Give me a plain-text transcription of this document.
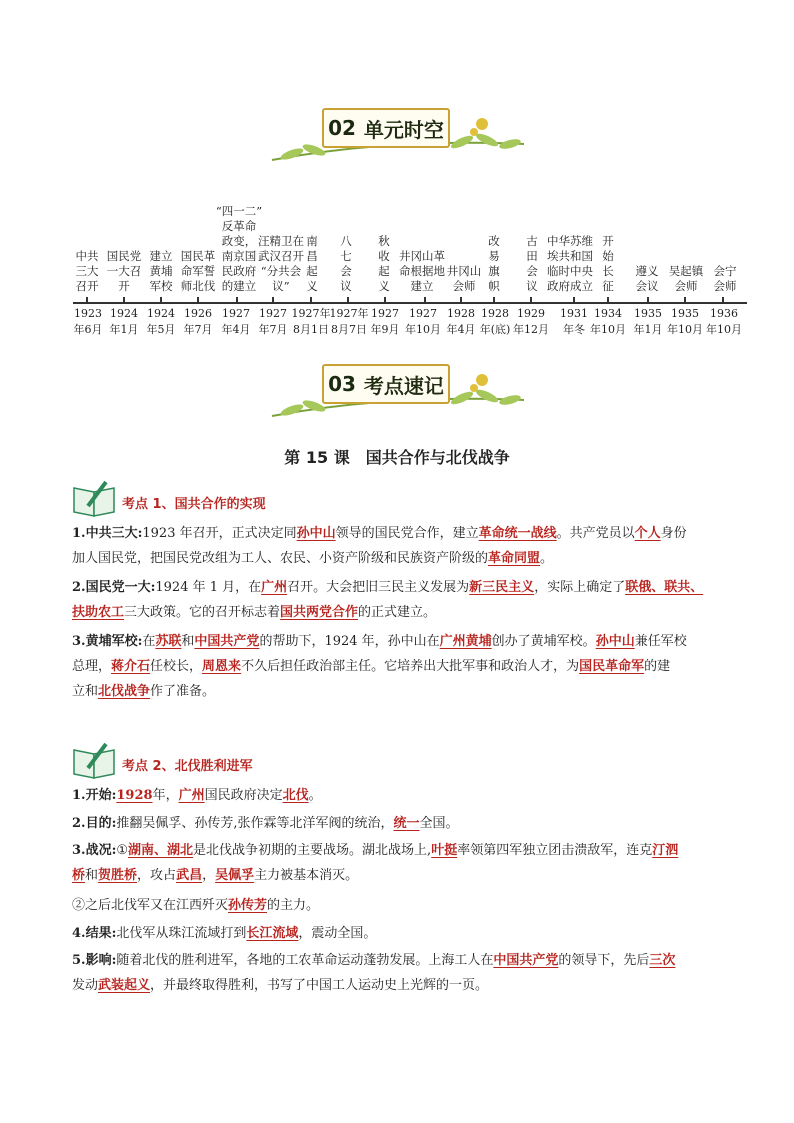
02 单元时空
中共
三大
召开
国民党
一大召
开
建立
黄埔
军校
国民革
命军誓
师北伐
“四一二”
反革命
政变，
南京国
民政府
的建立
汪精卫在
武汉召开
“分共会
议”
南
昌
起
义
八
七
会
议
秋
收
起
义
井冈山革
命根据地
建立
井冈山
会师
改
易
旗
帜
古
田
会
议
中华苏维
埃共和国
临时中央
政府成立
开
始
长
征
遵义
会议
吴起镇
会师
会宁
会师
1923
年6月
1924
年1月
1924
年5月
1926
年7月
1927
年4月
1927
年7月
1927年
8月1日
1927年
8月7日
1927
年9月
1927
年10月
1928
年4月
1928
年(底)
1929
年12月
1931
年冬
1934
年10月
1935
年1月
1935
年10月
1936
年10月
03 考点速记
第 15 课　国共合作与北伐战争
考点 1、国共合作的实现
1.中共三大:1923 年召开，正式决定同孙中山领导的国民党合作，建立革命统一战线。共产党员以个人身份
加人国民党，把国民党改组为工人、农民、小资产阶级和民族资产阶级的革命同盟。
2.国民党一大:1924 年 1 月，在广州召开。大会把旧三民主义发展为新三民主义，实际上确定了联俄、联共、
扶助农工三大政策。它的召开标志着国共两党合作的正式建立。
3.黄埔军校:在苏联和中国共产党的帮助下，1924 年，孙中山在广州黄埔创办了黄埔军校。孙中山兼任军校
总理，蒋介石任校长，周恩来不久后担任政治部主任。它培养出大批军事和政治人才，为国民革命军的建
立和北伐战争作了准备。
考点 2、北伐胜利进军
1.开始:1928年，广州国民政府决定北伐。
2.目的:推翻吴佩孚、孙传芳,张作霖等北洋军阀的统治，统一全国。
3.战况:①湖南、湖北是北伐战争初期的主要战场。湖北战场上,叶挺率领第四军独立团击溃敌军，连克汀泗
桥和贺胜桥，攻占武昌，吴佩孚主力被基本消灭。
②之后北伐军又在江西歼灭孙传芳的主力。
4.结果:北伐军从珠江流域打到长江流域，震动全国。
5.影响:随着北伐的胜利进军，各地的工农革命运动蓬勃发展。上海工人在中国共产党的领导下，先后三次
发动武装起义，并最终取得胜利，书写了中国工人运动史上光辉的一页。
